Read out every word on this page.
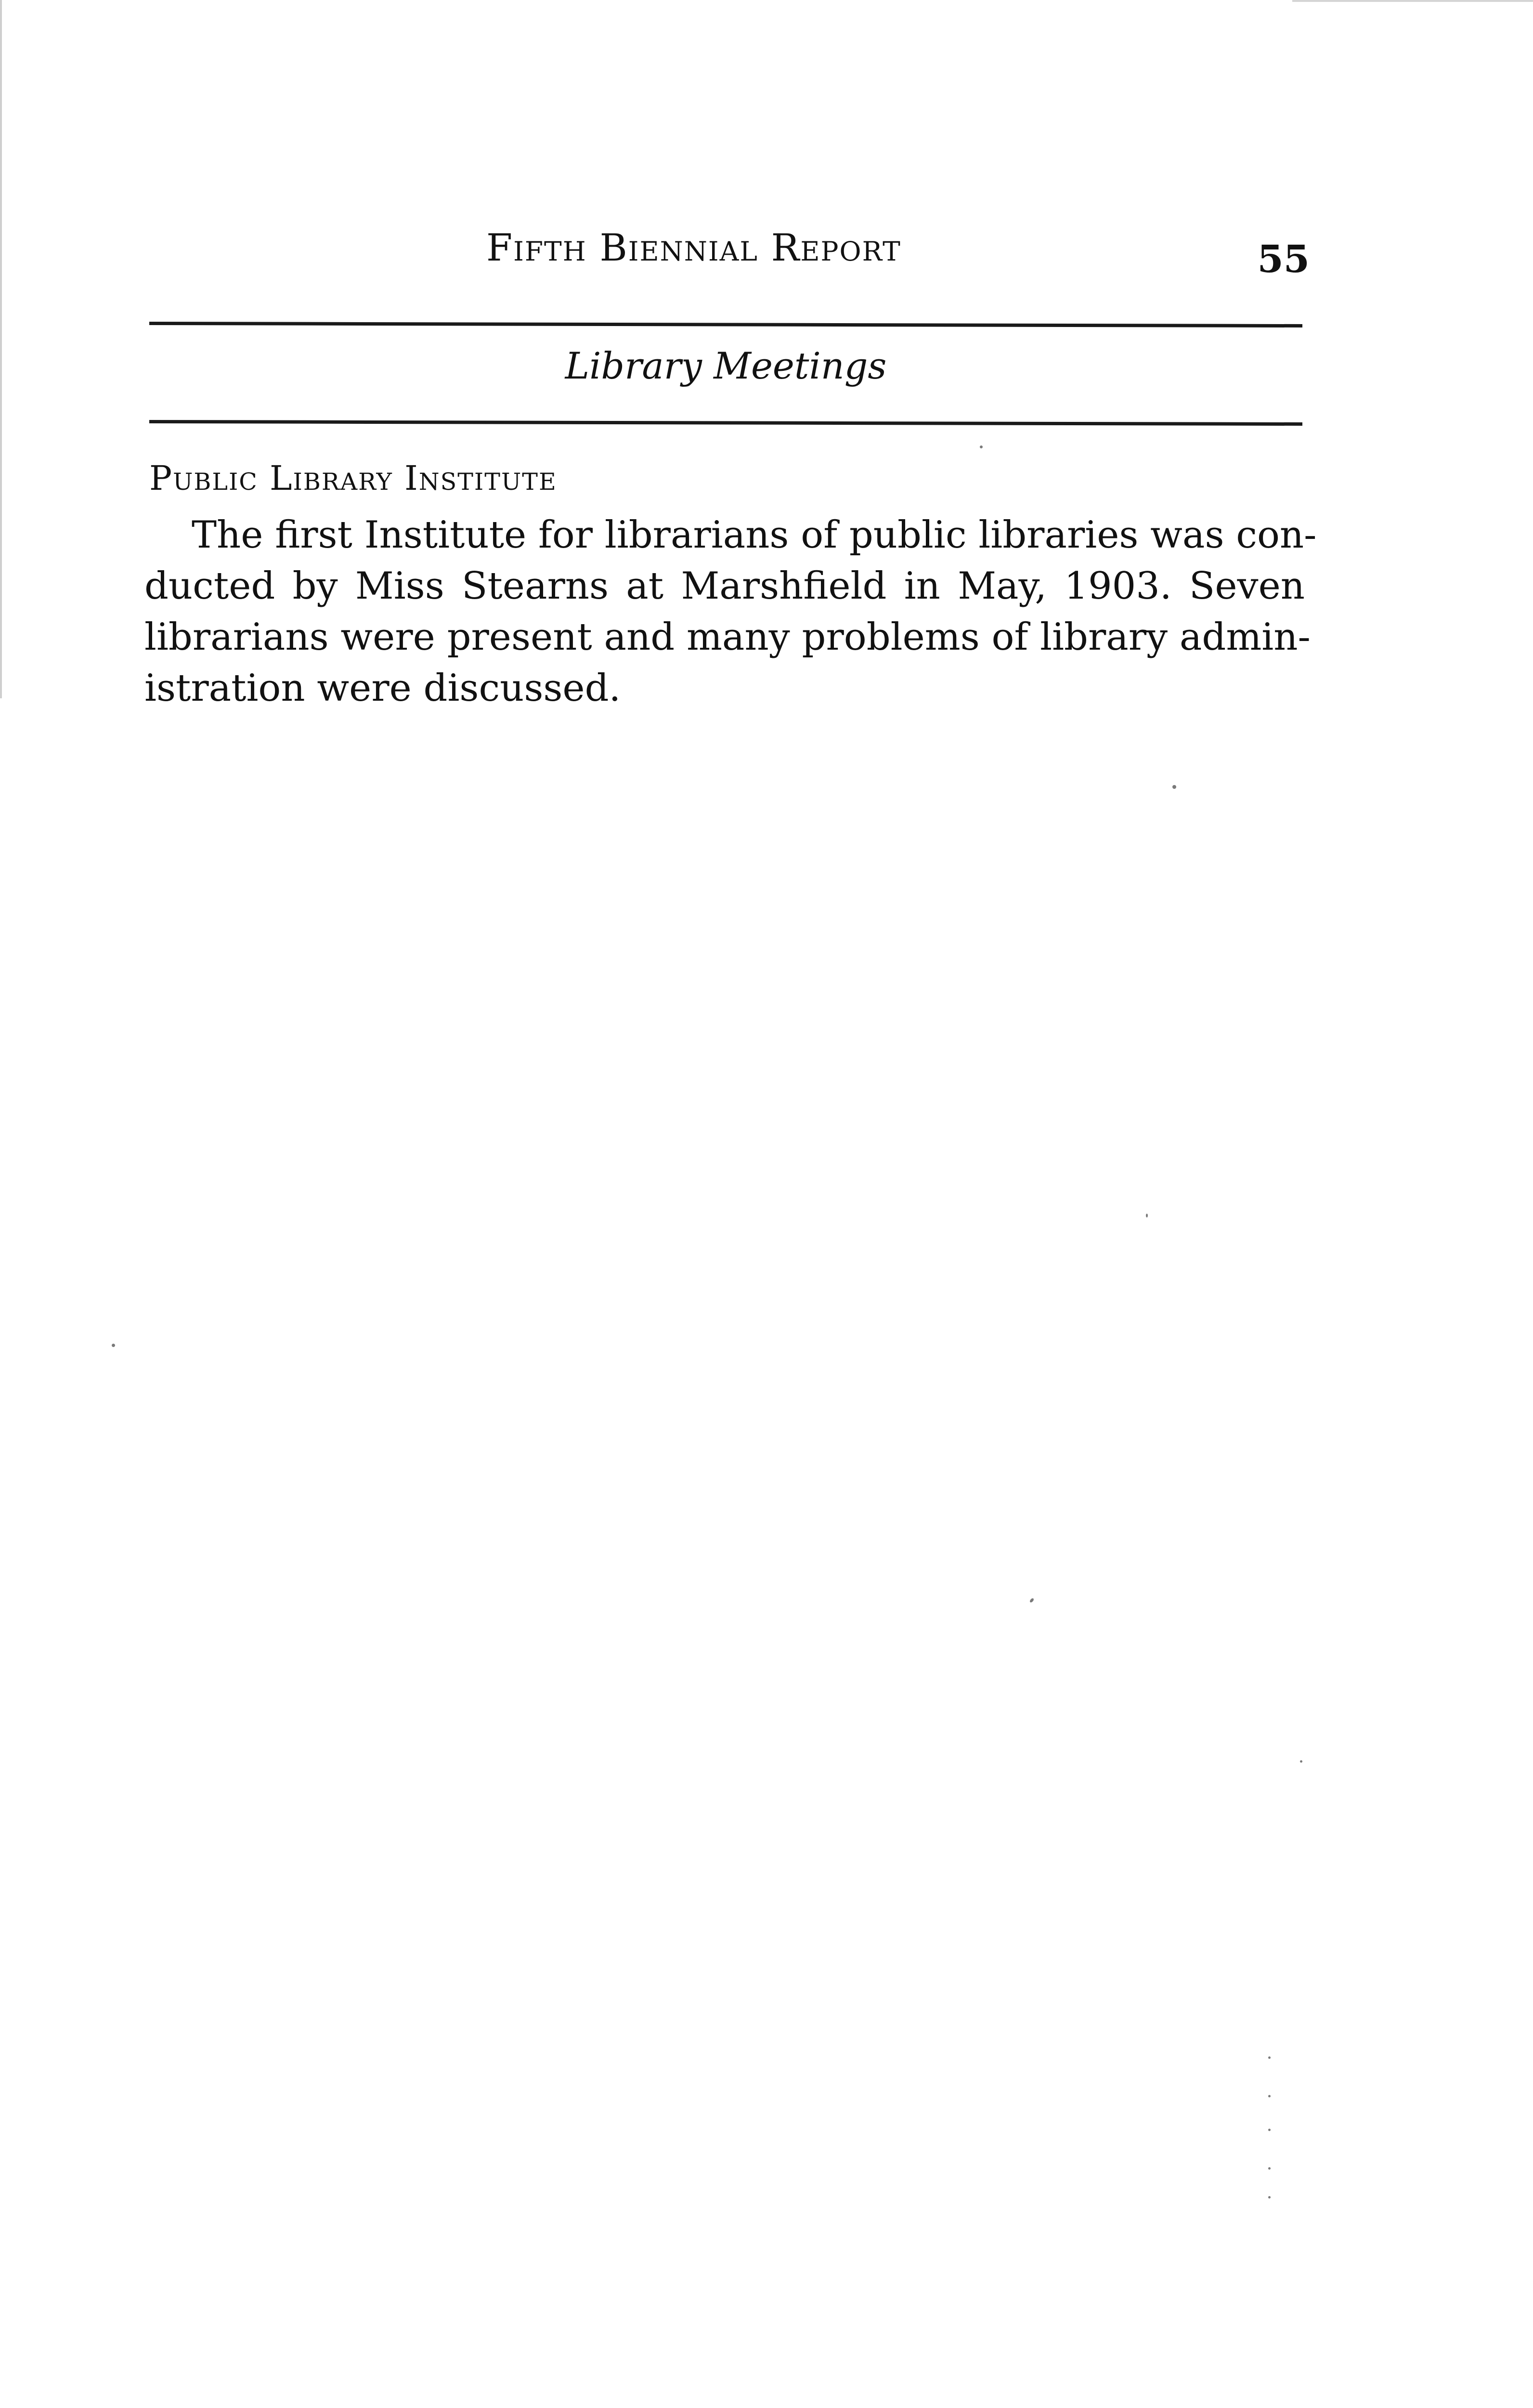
Fifth Biennial Report	55
Library Meetings
Public Library Institute
The first Institute for librarians of public libraries was con-
ducted by Miss Stearns at Marshfield in May, 1903. Seven
librarians were present and many problems of library admin-
istration were discussed.
